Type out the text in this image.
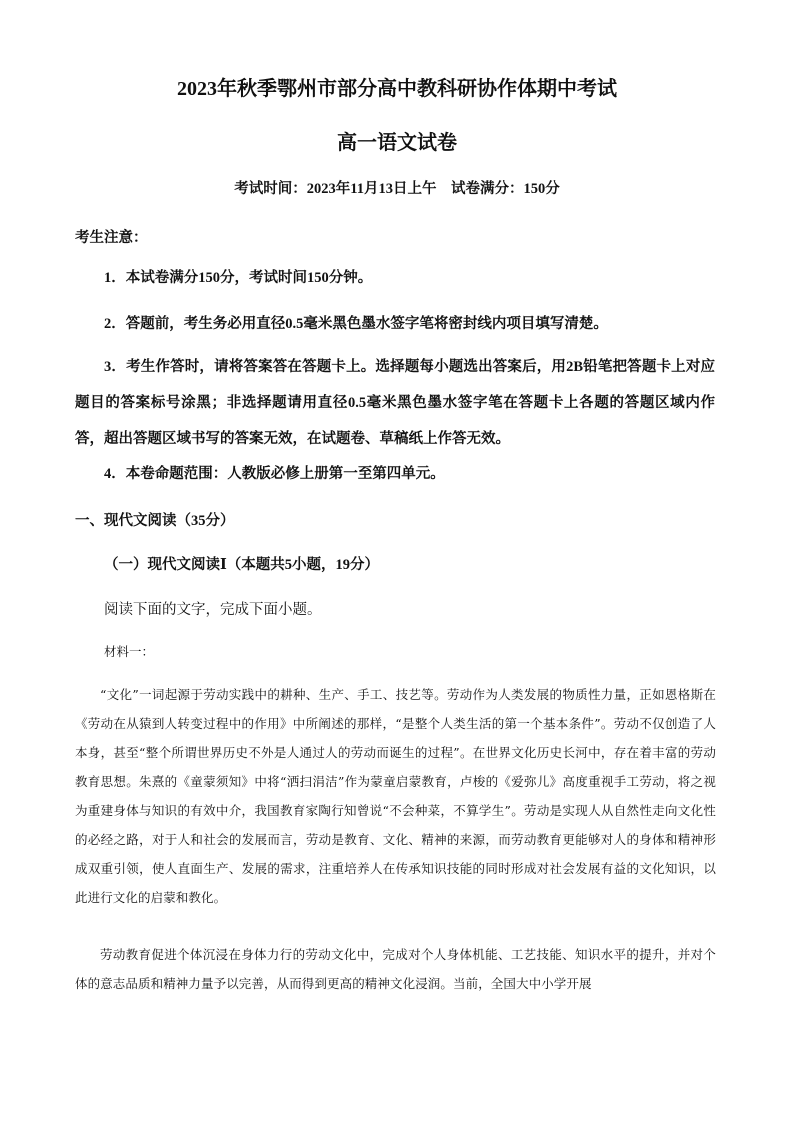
2023年秋季鄂州市部分高中教科研协作体期中考试
高一语文试卷
考试时间：2023年11月13日上午　试卷满分：150分
考生注意：
1．本试卷满分150分，考试时间150分钟。
2．答题前，考生务必用直径0.5毫米黑色墨水签字笔将密封线内项目填写清楚。

3．考生作答时，请将答案答在答题卡上。选择题每小题选出答案后，用2B铅笔把答题卡上对应题目的答案标号涂黑；非选择题请用直径0.5毫米黑色墨水签字笔在答题卡上各题的答题区域内作答，超出答题区域书写的答案无效，在试题卷、草稿纸上作答无效。

4．本卷命题范围：人教版必修上册第一至第四单元。
一、现代文阅读（35分）
（一）现代文阅读Ⅰ（本题共5小题，19分）
阅读下面的文字，完成下面小题。
材料一：

“文化”一词起源于劳动实践中的耕种、生产、手工、技艺等。劳动作为人类发展的物质性力量，正如恩格斯在《劳动在从猿到人转变过程中的作用》中所阐述的那样，“是整个人类生活的第一个基本条件”。劳动不仅创造了人本身，甚至“整个所谓世界历史不外是人通过人的劳动而诞生的过程”。在世界文化历史长河中，存在着丰富的劳动教育思想。朱熹的《童蒙须知》中将“洒扫涓洁”作为蒙童启蒙教育，卢梭的《爱弥儿》高度重视手工劳动，将之视为重建身体与知识的有效中介，我国教育家陶行知曾说“不会种菜，不算学生”。劳动是实现人从自然性走向文化性的必经之路，对于人和社会的发展而言，劳动是教育、文化、精神的来源，而劳动教育更能够对人的身体和精神形成双重引领，使人直面生产、发展的需求，注重培养人在传承知识技能的同时形成对社会发展有益的文化知识，以此进行文化的启蒙和教化。

劳动教育促进个体沉浸在身体力行的劳动文化中，完成对个人身体机能、工艺技能、知识水平的提升，并对个体的意志品质和精神力量予以完善，从而得到更高的精神文化浸润。当前，全国大中小学开展
